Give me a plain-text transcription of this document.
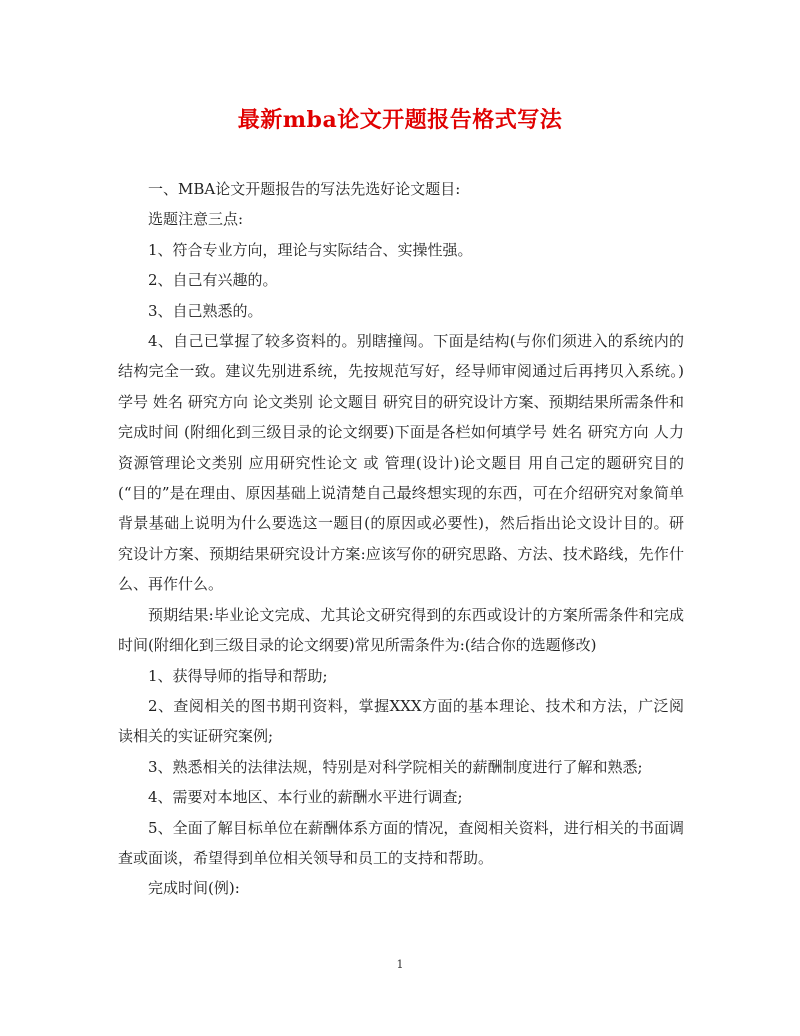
最新mba论文开题报告格式写法

一、MBA论文开题报告的写法先选好论文题目:

选题注意三点:

1、符合专业方向，理论与实际结合、实操性强。

2、自己有兴趣的。

3、自己熟悉的。

4、自己已掌握了较多资料的。别瞎撞闯。下面是结构(与你们须进入的系统内的结构完全一致。建议先别进系统，先按规范写好，经导师审阅通过后再拷贝入系统。)学号 姓名 研究方向 论文类别 论文题目 研究目的研究设计方案、预期结果所需条件和完成时间 (附细化到三级目录的论文纲要)下面是各栏如何填学号 姓名 研究方向 人力资源管理论文类别 应用研究性论文 或 管理(设计)论文题目 用自己定的题研究目的(“目的”是在理由、原因基础上说清楚自己最终想实现的东西，可在介绍研究对象简单背景基础上说明为什么要选这一题目(的原因或必要性)，然后指出论文设计目的。研究设计方案、预期结果研究设计方案:应该写你的研究思路、方法、技术路线，先作什么、再作什么。

预期结果:毕业论文完成、尤其论文研究得到的东西或设计的方案所需条件和完成时间(附细化到三级目录的论文纲要)常见所需条件为:(结合你的选题修改)

1、获得导师的指导和帮助;

2、查阅相关的图书期刊资料，掌握XXX方面的基本理论、技术和方法，广泛阅读相关的实证研究案例;

3、熟悉相关的法律法规，特别是对科学院相关的薪酬制度进行了解和熟悉;

4、需要对本地区、本行业的薪酬水平进行调查;

5、全面了解目标单位在薪酬体系方面的情况，查阅相关资料，进行相关的书面调查或面谈，希望得到单位相关领导和员工的支持和帮助。

完成时间(例):

1
